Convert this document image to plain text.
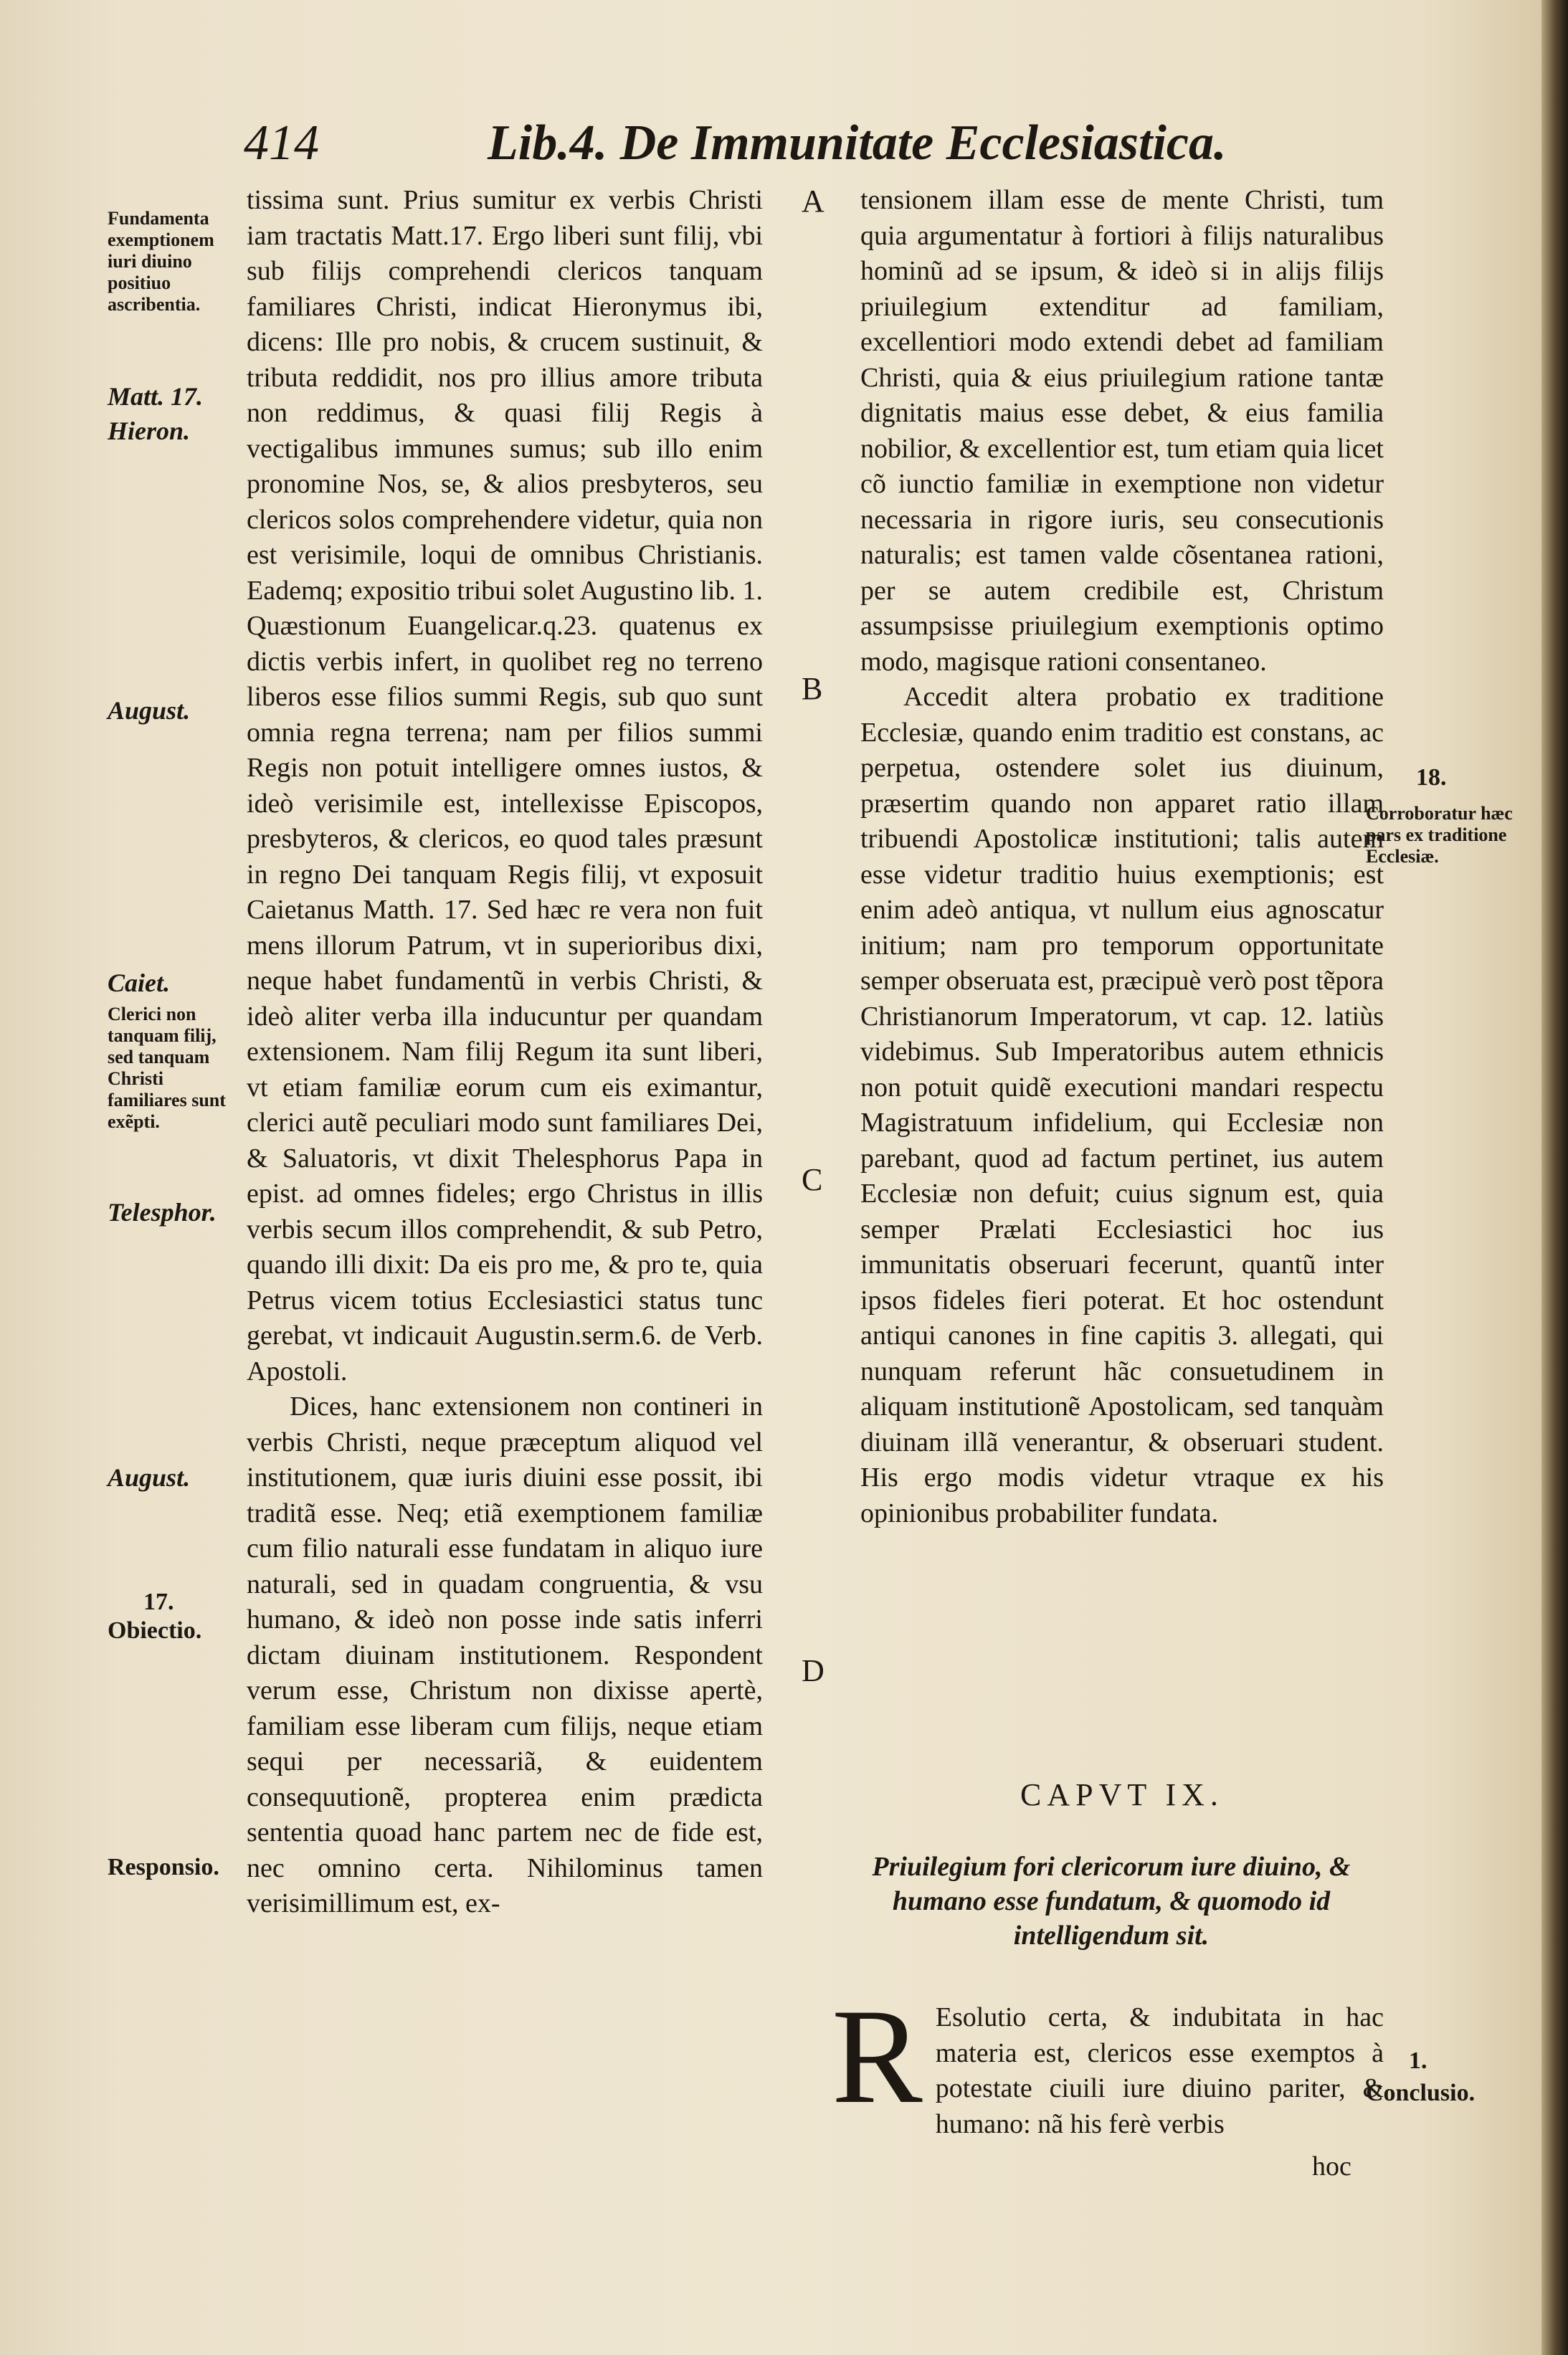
414	Lib.4. De Immunitate Ecclesiastica.
Fundamenta exemptionem iuri diuino positiuo ascribentia.
Matt. 17.
Hieron.
August.
Caiet.
Clerici non tanquam filij, sed tanquam Christi familiares sunt exẽpti.
Telesphor.
August.
17.
Obiectio.
Responsio.

tissima sunt. Prius sumitur ex verbis Christi iam tractatis Matt.17. Ergo liberi sunt filij, vbi sub filijs comprehendi clericos tanquam familiares Christi, indicat Hieronymus ibi, dicens: Ille pro nobis, & crucem sustinuit, & tributa reddidit, nos pro illius amore tributa non reddimus, & quasi filij Regis à vectigalibus immunes sumus; sub illo enim pronomine Nos, se, & alios presbyteros, seu clericos solos comprehendere videtur, quia non est verisimile, loqui de omnibus Christianis. Eademq; expositio tribui solet Augustino lib. 1. Quæstionum Euangelicar.q.23. quatenus ex dictis verbis infert, in quolibet reg no terreno liberos esse filios summi Regis, sub quo sunt omnia regna terrena; nam per filios summi Regis non potuit intelligere omnes iustos, & ideò verisimile est, intellexisse Episcopos, presbyteros, & clericos, eo quod tales præsunt in regno Dei tanquam Regis filij, vt exposuit Caietanus Matth. 17. Sed hæc re vera non fuit mens illorum Patrum, vt in superioribus dixi, neque habet fundamentũ in verbis Christi, & ideò aliter verba illa inducuntur per quandam extensionem. Nam filij Regum ita sunt liberi, vt etiam familiæ eorum cum eis eximantur, clerici autẽ peculiari modo sunt familiares Dei, & Saluatoris, vt dixit Thelesphorus Papa in epist. ad omnes fideles; ergo Christus in illis verbis secum illos comprehendit, & sub Petro, quando illi dixit: Da eis pro me, & pro te, quia Petrus vicem totius Ecclesiastici status tunc gerebat, vt indicauit Augustin.serm.6. de Verb. Apostoli.

Dices, hanc extensionem non contineri in verbis Christi, neque præceptum aliquod vel institutionem, quæ iuris diuini esse possit, ibi traditã esse. Neq; etiã exemptionem familiæ cum filio naturali esse fundatam in aliquo iure naturali, sed in quadam congruentia, & vsu humano, & ideò non posse inde satis inferri dictam diuinam institutionem. Respondent verum esse, Christum non dixisse apertè, familiam esse liberam cum filijs, neque etiam sequi per necessariã, & euidentem consequutionẽ, propterea enim prædicta sententia quoad hanc partem nec de fide est, nec omnino certa. Nihilominus tamen verisimillimum est, ex-

A
B
C
D

tensionem illam esse de mente Christi, tum quia argumentatur à fortiori à filijs naturalibus hominũ ad se ipsum, & ideò si in alijs filijs priuilegium extenditur ad familiam, excellentiori modo extendi debet ad familiam Christi, quia & eius priuilegium ratione tantæ dignitatis maius esse debet, & eius familia nobilior, & excellentior est, tum etiam quia licet cõ iunctio familiæ in exemptione non videtur necessaria in rigore iuris, seu consecutionis naturalis; est tamen valde cõsentanea rationi, per se autem credibile est, Christum assumpsisse priuilegium exemptionis optimo modo, magisque rationi consentaneo.

Accedit altera probatio ex traditione Ecclesiæ, quando enim traditio est constans, ac perpetua, ostendere solet ius diuinum, præsertim quando non apparet ratio illam tribuendi Apostolicæ institutioni; talis autem esse videtur traditio huius exemptionis; est enim adeò antiqua, vt nullum eius agnoscatur initium; nam pro temporum opportunitate semper obseruata est, præcipuè verò post tẽpora Christianorum Imperatorum, vt cap. 12. latiùs videbimus. Sub Imperatoribus autem ethnicis non potuit quidẽ executioni mandari respectu Magistratuum infidelium, qui Ecclesiæ non parebant, quod ad factum pertinet, ius autem Ecclesiæ non defuit; cuius signum est, quia semper Prælati Ecclesiastici hoc ius immunitatis obseruari fecerunt, quantũ inter ipsos fideles fieri poterat. Et hoc ostendunt antiqui canones in fine capitis 3. allegati, qui nunquam referunt hãc consuetudinem in aliquam institutionẽ Apostolicam, sed tanquàm diuinam illã venerantur, & obseruari student. His ergo modis videtur vtraque ex his opinionibus probabiliter fundata.

18.
Corroboratur hæc pars ex traditione Ecclesiæ.
1.
Conclusio.
CAPVT IX.
Priuilegium fori clericorum iure diuino, & humano esse fundatum, & quomodo id intelligendum sit.
R Esolutio certa, & indubitata in hac materia est, clericos esse exemptos à potestate ciuili iure diuino pariter, & humano: nã his ferè verbis

hoc
